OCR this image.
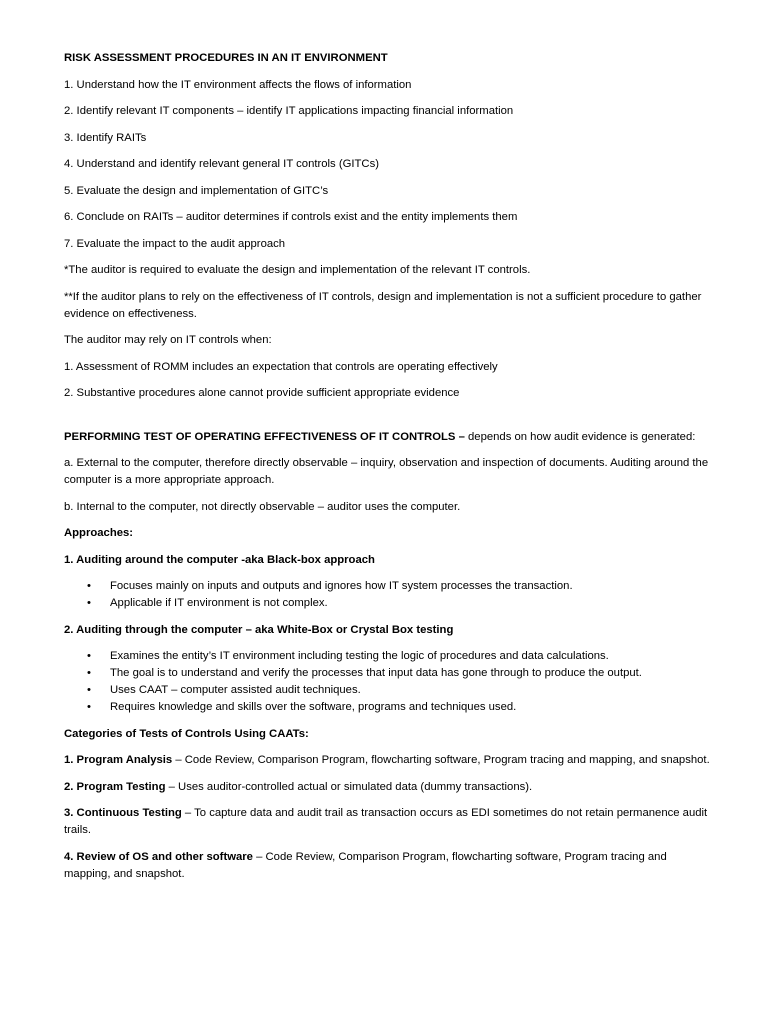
RISK ASSESSMENT PROCEDURES IN AN IT ENVIRONMENT

1. Understand how the IT environment affects the flows of information

2. Identify relevant IT components – identify IT applications impacting financial information

3. Identify RAITs

4. Understand and identify relevant general IT controls (GITCs)

5. Evaluate the design and implementation of GITC’s

6. Conclude on RAITs – auditor determines if controls exist and the entity implements them

7. Evaluate the impact to the audit approach

*The auditor is required to evaluate the design and implementation of the relevant IT controls.

**If the auditor plans to rely on the effectiveness of IT controls, design and implementation is not a sufficient procedure to gather evidence on effectiveness.

The auditor may rely on IT controls when:

1. Assessment of ROMM includes an expectation that controls are operating effectively

2. Substantive procedures alone cannot provide sufficient appropriate evidence

PERFORMING TEST OF OPERATING EFFECTIVENESS OF IT CONTROLS – depends on how audit evidence is generated:

a. External to the computer, therefore directly observable – inquiry, observation and inspection of documents. Auditing around the computer is a more appropriate approach.

b. Internal to the computer, not directly observable – auditor uses the computer.

Approaches:

1. Auditing around the computer -aka Black-box approach

• Focuses mainly on inputs and outputs and ignores how IT system processes the transaction.
• Applicable if IT environment is not complex.

2. Auditing through the computer – aka White-Box or Crystal Box testing

• Examines the entity’s IT environment including testing the logic of procedures and data calculations.
• The goal is to understand and verify the processes that input data has gone through to produce the output.
• Uses CAAT – computer assisted audit techniques.
• Requires knowledge and skills over the software, programs and techniques used.

Categories of Tests of Controls Using CAATs:

1. Program Analysis – Code Review, Comparison Program, flowcharting software, Program tracing and mapping, and snapshot.

2. Program Testing – Uses auditor-controlled actual or simulated data (dummy transactions).

3. Continuous Testing – To capture data and audit trail as transaction occurs as EDI sometimes do not retain permanence audit trails.

4. Review of OS and other software – Code Review, Comparison Program, flowcharting software, Program tracing and mapping, and snapshot.
